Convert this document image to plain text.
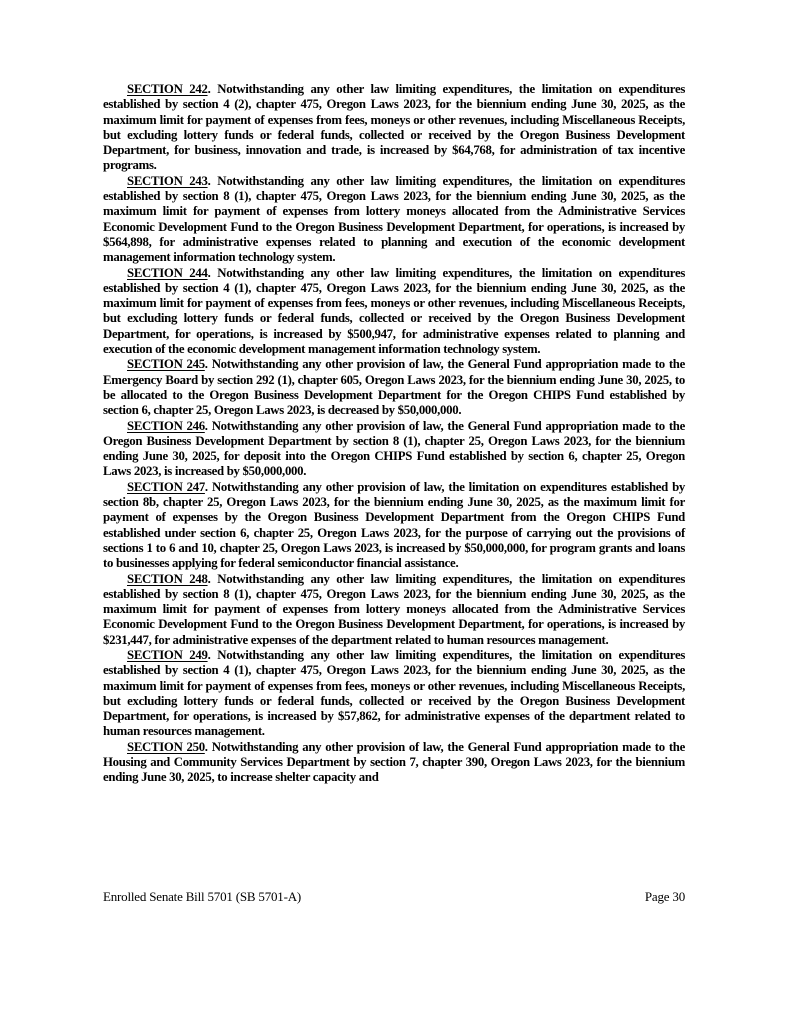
SECTION 242. Notwithstanding any other law limiting expenditures, the limitation on expenditures established by section 4 (2), chapter 475, Oregon Laws 2023, for the biennium ending June 30, 2025, as the maximum limit for payment of expenses from fees, moneys or other revenues, including Miscellaneous Receipts, but excluding lottery funds or federal funds, collected or received by the Oregon Business Development Department, for business, innovation and trade, is increased by $64,768, for administration of tax incentive programs.

SECTION 243. Notwithstanding any other law limiting expenditures, the limitation on expenditures established by section 8 (1), chapter 475, Oregon Laws 2023, for the biennium ending June 30, 2025, as the maximum limit for payment of expenses from lottery moneys allocated from the Administrative Services Economic Development Fund to the Oregon Business Development Department, for operations, is increased by $564,898, for administrative expenses related to planning and execution of the economic development management information technology system.

SECTION 244. Notwithstanding any other law limiting expenditures, the limitation on expenditures established by section 4 (1), chapter 475, Oregon Laws 2023, for the biennium ending June 30, 2025, as the maximum limit for payment of expenses from fees, moneys or other revenues, including Miscellaneous Receipts, but excluding lottery funds or federal funds, collected or received by the Oregon Business Development Department, for operations, is increased by $500,947, for administrative expenses related to planning and execution of the economic development management information technology system.

SECTION 245. Notwithstanding any other provision of law, the General Fund appropriation made to the Emergency Board by section 292 (1), chapter 605, Oregon Laws 2023, for the biennium ending June 30, 2025, to be allocated to the Oregon Business Development Department for the Oregon CHIPS Fund established by section 6, chapter 25, Oregon Laws 2023, is decreased by $50,000,000.

SECTION 246. Notwithstanding any other provision of law, the General Fund appropriation made to the Oregon Business Development Department by section 8 (1), chapter 25, Oregon Laws 2023, for the biennium ending June 30, 2025, for deposit into the Oregon CHIPS Fund established by section 6, chapter 25, Oregon Laws 2023, is increased by $50,000,000.

SECTION 247. Notwithstanding any other provision of law, the limitation on expenditures established by section 8b, chapter 25, Oregon Laws 2023, for the biennium ending June 30, 2025, as the maximum limit for payment of expenses by the Oregon Business Development Department from the Oregon CHIPS Fund established under section 6, chapter 25, Oregon Laws 2023, for the purpose of carrying out the provisions of sections 1 to 6 and 10, chapter 25, Oregon Laws 2023, is increased by $50,000,000, for program grants and loans to businesses applying for federal semiconductor financial assistance.

SECTION 248. Notwithstanding any other law limiting expenditures, the limitation on expenditures established by section 8 (1), chapter 475, Oregon Laws 2023, for the biennium ending June 30, 2025, as the maximum limit for payment of expenses from lottery moneys allocated from the Administrative Services Economic Development Fund to the Oregon Business Development Department, for operations, is increased by $231,447, for administrative expenses of the department related to human resources management.

SECTION 249. Notwithstanding any other law limiting expenditures, the limitation on expenditures established by section 4 (1), chapter 475, Oregon Laws 2023, for the biennium ending June 30, 2025, as the maximum limit for payment of expenses from fees, moneys or other revenues, including Miscellaneous Receipts, but excluding lottery funds or federal funds, collected or received by the Oregon Business Development Department, for operations, is increased by $57,862, for administrative expenses of the department related to human resources management.

SECTION 250. Notwithstanding any other provision of law, the General Fund appropriation made to the Housing and Community Services Department by section 7, chapter 390, Oregon Laws 2023, for the biennium ending June 30, 2025, to increase shelter capacity and

Enrolled Senate Bill 5701 (SB 5701-A)	Page 30
